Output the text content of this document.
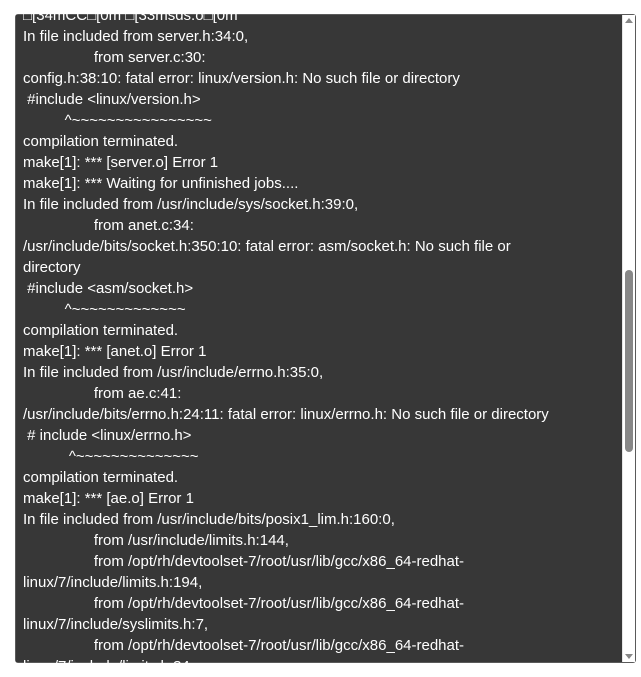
□[34mCC□[0m □[33msds.o□[0m
In file included from server.h:34:0,
from server.c:30:
config.h:38:10: fatal error: linux/version.h: No such file or directory
#include <linux/version.h>
^~~~~~~~~~~~~~~~~
compilation terminated.
make[1]: *** [server.o] Error 1
make[1]: *** Waiting for unfinished jobs....
In file included from /usr/include/sys/socket.h:39:0,
from anet.c:34:
/usr/include/bits/socket.h:350:10: fatal error: asm/socket.h: No such file or
directory
#include <asm/socket.h>
^~~~~~~~~~~~~~
compilation terminated.
make[1]: *** [anet.o] Error 1
In file included from /usr/include/errno.h:35:0,
from ae.c:41:
/usr/include/bits/errno.h:24:11: fatal error: linux/errno.h: No such file or directory
# include <linux/errno.h>
^~~~~~~~~~~~~~~
compilation terminated.
make[1]: *** [ae.o] Error 1
In file included from /usr/include/bits/posix1_lim.h:160:0,
from /usr/include/limits.h:144,
from /opt/rh/devtoolset-7/root/usr/lib/gcc/x86_64-redhat-
linux/7/include/limits.h:194,
from /opt/rh/devtoolset-7/root/usr/lib/gcc/x86_64-redhat-
linux/7/include/syslimits.h:7,
from /opt/rh/devtoolset-7/root/usr/lib/gcc/x86_64-redhat-
linux/7/include/limits.h:34,
